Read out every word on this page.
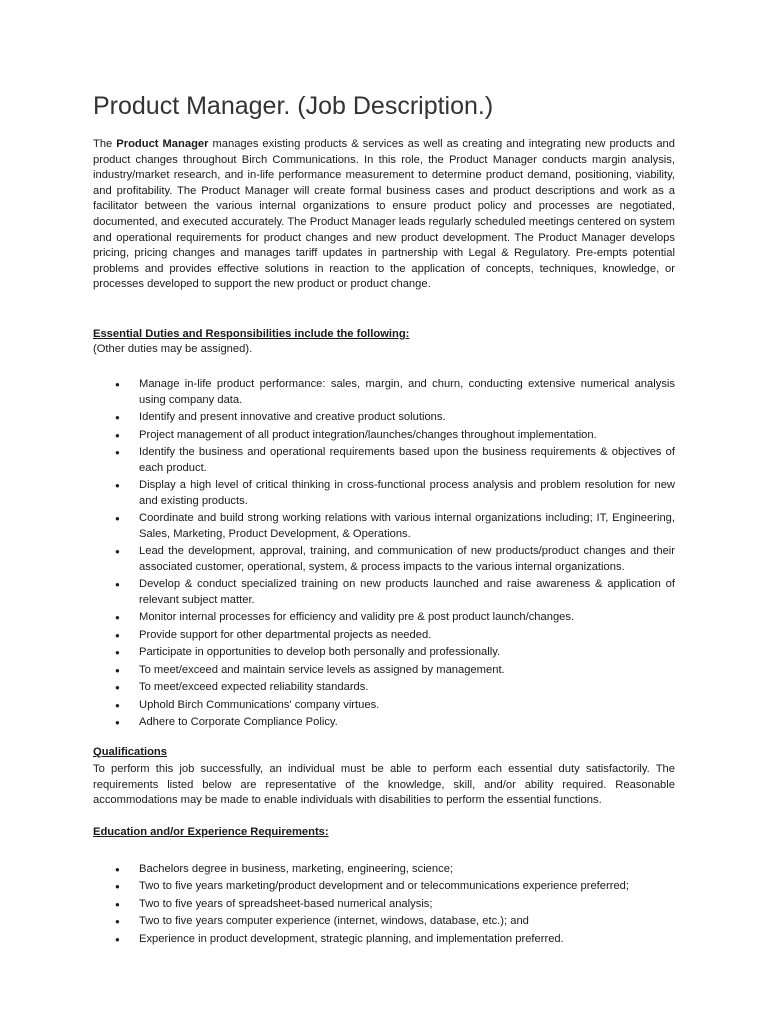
Product Manager. (Job Description.)

The Product Manager manages existing products & services as well as creating and integrating new products and product changes throughout Birch Communications. In this role, the Product Manager conducts margin analysis, industry/market research, and in-life performance measurement to determine product demand, positioning, viability, and profitability. The Product Manager will create formal business cases and product descriptions and work as a facilitator between the various internal organizations to ensure product policy and processes are negotiated, documented, and executed accurately. The Product Manager leads regularly scheduled meetings centered on system and operational requirements for product changes and new product development. The Product Manager develops pricing, pricing changes and manages tariff updates in partnership with Legal & Regulatory. Pre-empts potential problems and provides effective solutions in reaction to the application of concepts, techniques, knowledge, or processes developed to support the new product or product change.

Essential Duties and Responsibilities include the following:

(Other duties may be assigned).

● Manage in-life product performance: sales, margin, and churn, conducting extensive numerical analysis using company data.
● Identify and present innovative and creative product solutions.
● Project management of all product integration/launches/changes throughout implementation.
● Identify the business and operational requirements based upon the business requirements & objectives of each product.
● Display a high level of critical thinking in cross-functional process analysis and problem resolution for new and existing products.
● Coordinate and build strong working relations with various internal organizations including; IT, Engineering, Sales, Marketing, Product Development, & Operations.
● Lead the development, approval, training, and communication of new products/product changes and their associated customer, operational, system, & process impacts to the various internal organizations.
● Develop & conduct specialized training on new products launched and raise awareness & application of relevant subject matter.
● Monitor internal processes for efficiency and validity pre & post product launch/changes.
● Provide support for other departmental projects as needed.
● Participate in opportunities to develop both personally and professionally.
● To meet/exceed and maintain service levels as assigned by management.
● To meet/exceed expected reliability standards.
● Uphold Birch Communications' company virtues.
● Adhere to Corporate Compliance Policy.

Qualifications

To perform this job successfully, an individual must be able to perform each essential duty satisfactorily. The requirements listed below are representative of the knowledge, skill, and/or ability required. Reasonable accommodations may be made to enable individuals with disabilities to perform the essential functions.

Education and/or Experience Requirements:

● Bachelors degree in business, marketing, engineering, science;
● Two to five years marketing/product development and or telecommunications experience preferred;
● Two to five years of spreadsheet-based numerical analysis;
● Two to five years computer experience (internet, windows, database, etc.); and
● Experience in product development, strategic planning, and implementation preferred.
